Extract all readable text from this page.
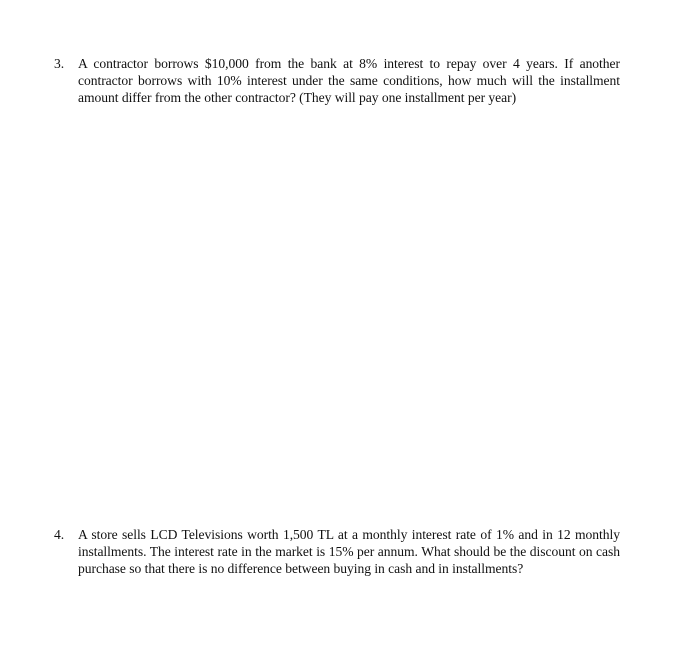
3.	A contractor borrows $10,000 from the bank at 8% interest to repay over 4 years. If another contractor borrows with 10% interest under the same conditions, how much will the installment amount differ from the other contractor? (They will pay one installment per year)
4.	A store sells LCD Televisions worth 1,500 TL at a monthly interest rate of 1% and in 12 monthly installments. The interest rate in the market is 15% per annum. What should be the discount on cash purchase so that there is no difference between buying in cash and in installments?
